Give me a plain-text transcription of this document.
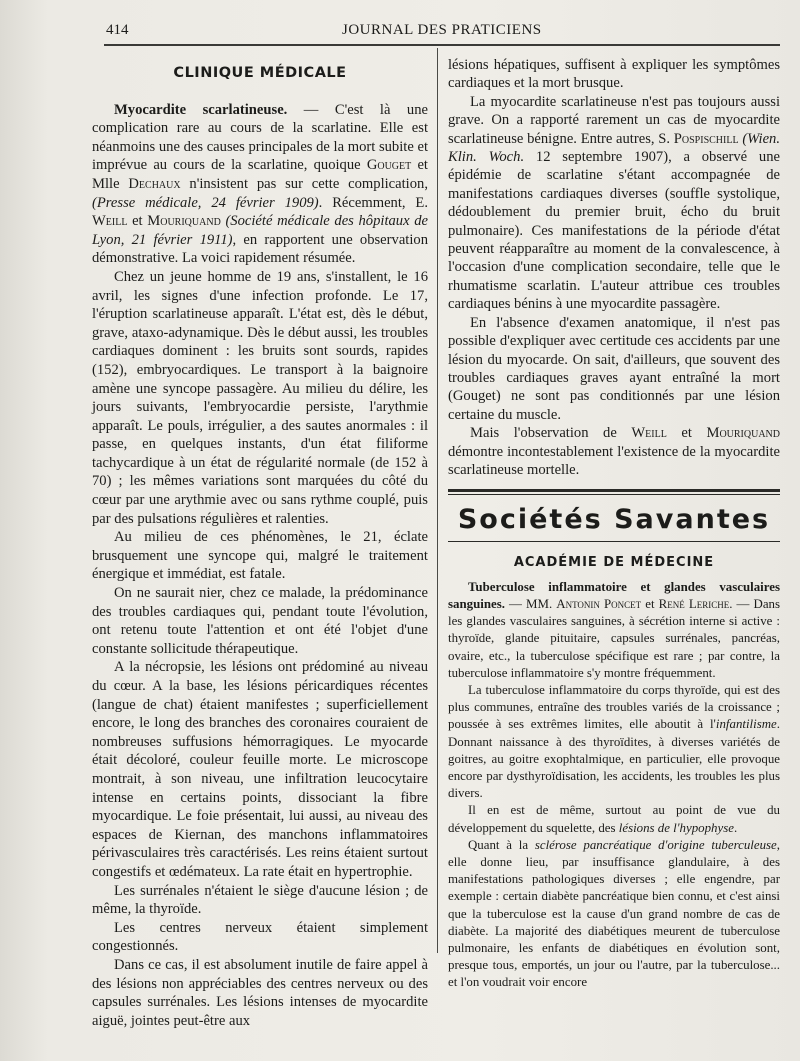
414	JOURNAL DES PRATICIENS
CLINIQUE MÉDICALE

Myocardite scarlatineuse. — C'est là une complication rare au cours de la scarlatine. Elle est néanmoins une des causes principales de la mort subite et imprévue au cours de la scarlatine, quoique Gouget et Mlle Dechaux n'insistent pas sur cette complication, (Presse médicale, 24 février 1909). Récemment, E. Weill et Mouriquand (Société médicale des hôpitaux de Lyon, 21 février 1911), en rapportent une observation démonstrative. La voici rapidement résumée.

Chez un jeune homme de 19 ans, s'installent, le 16 avril, les signes d'une infection profonde. Le 17, l'éruption scarlatineuse apparaît. L'état est, dès le début, grave, ataxo-adynamique. Dès le début aussi, les troubles cardiaques dominent : les bruits sont sourds, rapides (152), embryocardiques. Le transport à la baignoire amène une syncope passagère. Au milieu du délire, les jours suivants, l'embryocardie persiste, l'arythmie apparaît. Le pouls, irrégulier, a des sautes anormales : il passe, en quelques instants, d'un état filiforme tachycardique à un état de régularité normale (de 152 à 70) ; les mêmes variations sont marquées du côté du cœur par une arythmie avec ou sans rythme couplé, puis par des pulsations régulières et ralenties.

Au milieu de ces phénomènes, le 21, éclate brusquement une syncope qui, malgré le traitement énergique et immédiat, est fatale.

On ne saurait nier, chez ce malade, la prédominance des troubles cardiaques qui, pendant toute l'évolution, ont retenu toute l'attention et ont été l'objet d'une constante sollicitude thérapeutique.

A la nécropsie, les lésions ont prédominé au niveau du cœur. A la base, les lésions péricardiques récentes (langue de chat) étaient manifestes ; superficiellement encore, le long des branches des coronaires couraient de nombreuses suffusions hémorragiques. Le myocarde était décoloré, couleur feuille morte. Le microscope montrait, à son niveau, une infiltration leucocytaire intense en certains points, dissociant la fibre myocardique. Le foie présentait, lui aussi, au niveau des espaces de Kiernan, des manchons inflammatoires périvasculaires très caractérisés. Les reins étaient surtout congestifs et œdémateux. La rate était en hypertrophie.

Les surrénales n'étaient le siège d'aucune lésion ; de même, la thyroïde.

Les centres nerveux étaient simplement congestionnés.

Dans ce cas, il est absolument inutile de faire appel à des lésions non appréciables des centres nerveux ou des capsules surrénales. Les lésions intenses de myocardite aiguë, jointes peut-être aux

lésions hépatiques, suffisent à expliquer les symptômes cardiaques et la mort brusque.

La myocardite scarlatineuse n'est pas toujours aussi grave. On a rapporté rarement un cas de myocardite scarlatineuse bénigne. Entre autres, S. Pospischill (Wien. Klin. Woch. 12 septembre 1907), a observé une épidémie de scarlatine s'étant accompagnée de manifestations cardiaques diverses (souffle systolique, dédoublement du premier bruit, écho du bruit pulmonaire). Ces manifestations de la période d'état peuvent réapparaître au moment de la convalescence, à l'occasion d'une complication secondaire, telle que le rhumatisme scarlatin. L'auteur attribue ces troubles cardiaques bénins à une myocardite passagère.

En l'absence d'examen anatomique, il n'est pas possible d'expliquer avec certitude ces accidents par une lésion du myocarde. On sait, d'ailleurs, que souvent des troubles cardiaques graves ayant entraîné la mort (Gouget) ne sont pas conditionnés par une lésion certaine du muscle.

Mais l'observation de Weill et Mouriquand démontre incontestablement l'existence de la myocardite scarlatineuse mortelle.

Sociétés Savantes
ACADÉMIE DE MÉDECINE

Tuberculose inflammatoire et glandes vasculaires sanguines. — MM. Antonin Poncet et René Leriche. — Dans les glandes vasculaires sanguines, à sécrétion interne si active : thyroïde, glande pituitaire, capsules surrénales, pancréas, ovaire, etc., la tuberculose spécifique est rare ; par contre, la tuberculose inflammatoire s'y montre fréquemment.

La tuberculose inflammatoire du corps thyroïde, qui est des plus communes, entraîne des troubles variés de la croissance ; poussée à ses extrêmes limites, elle aboutit à l'infantilisme. Donnant naissance à des thyroïdites, à diverses variétés de goitres, au goitre exophtalmique, en particulier, elle provoque encore par dysthyroïdisation, les accidents, les troubles les plus divers.

Il en est de même, surtout au point de vue du développement du squelette, des lésions de l'hypophyse.

Quant à la sclérose pancréatique d'origine tuberculeuse, elle donne lieu, par insuffisance glandulaire, à des manifestations pathologiques diverses ; elle engendre, par exemple : certain diabète pancréatique bien connu, et c'est ainsi que la tuberculose est la cause d'un grand nombre de cas de diabète. La majorité des diabétiques meurent de tuberculose pulmonaire, les enfants de diabétiques en évolution sont, presque tous, emportés, un jour ou l'autre, par la tuberculose... et l'on voudrait voir encore
